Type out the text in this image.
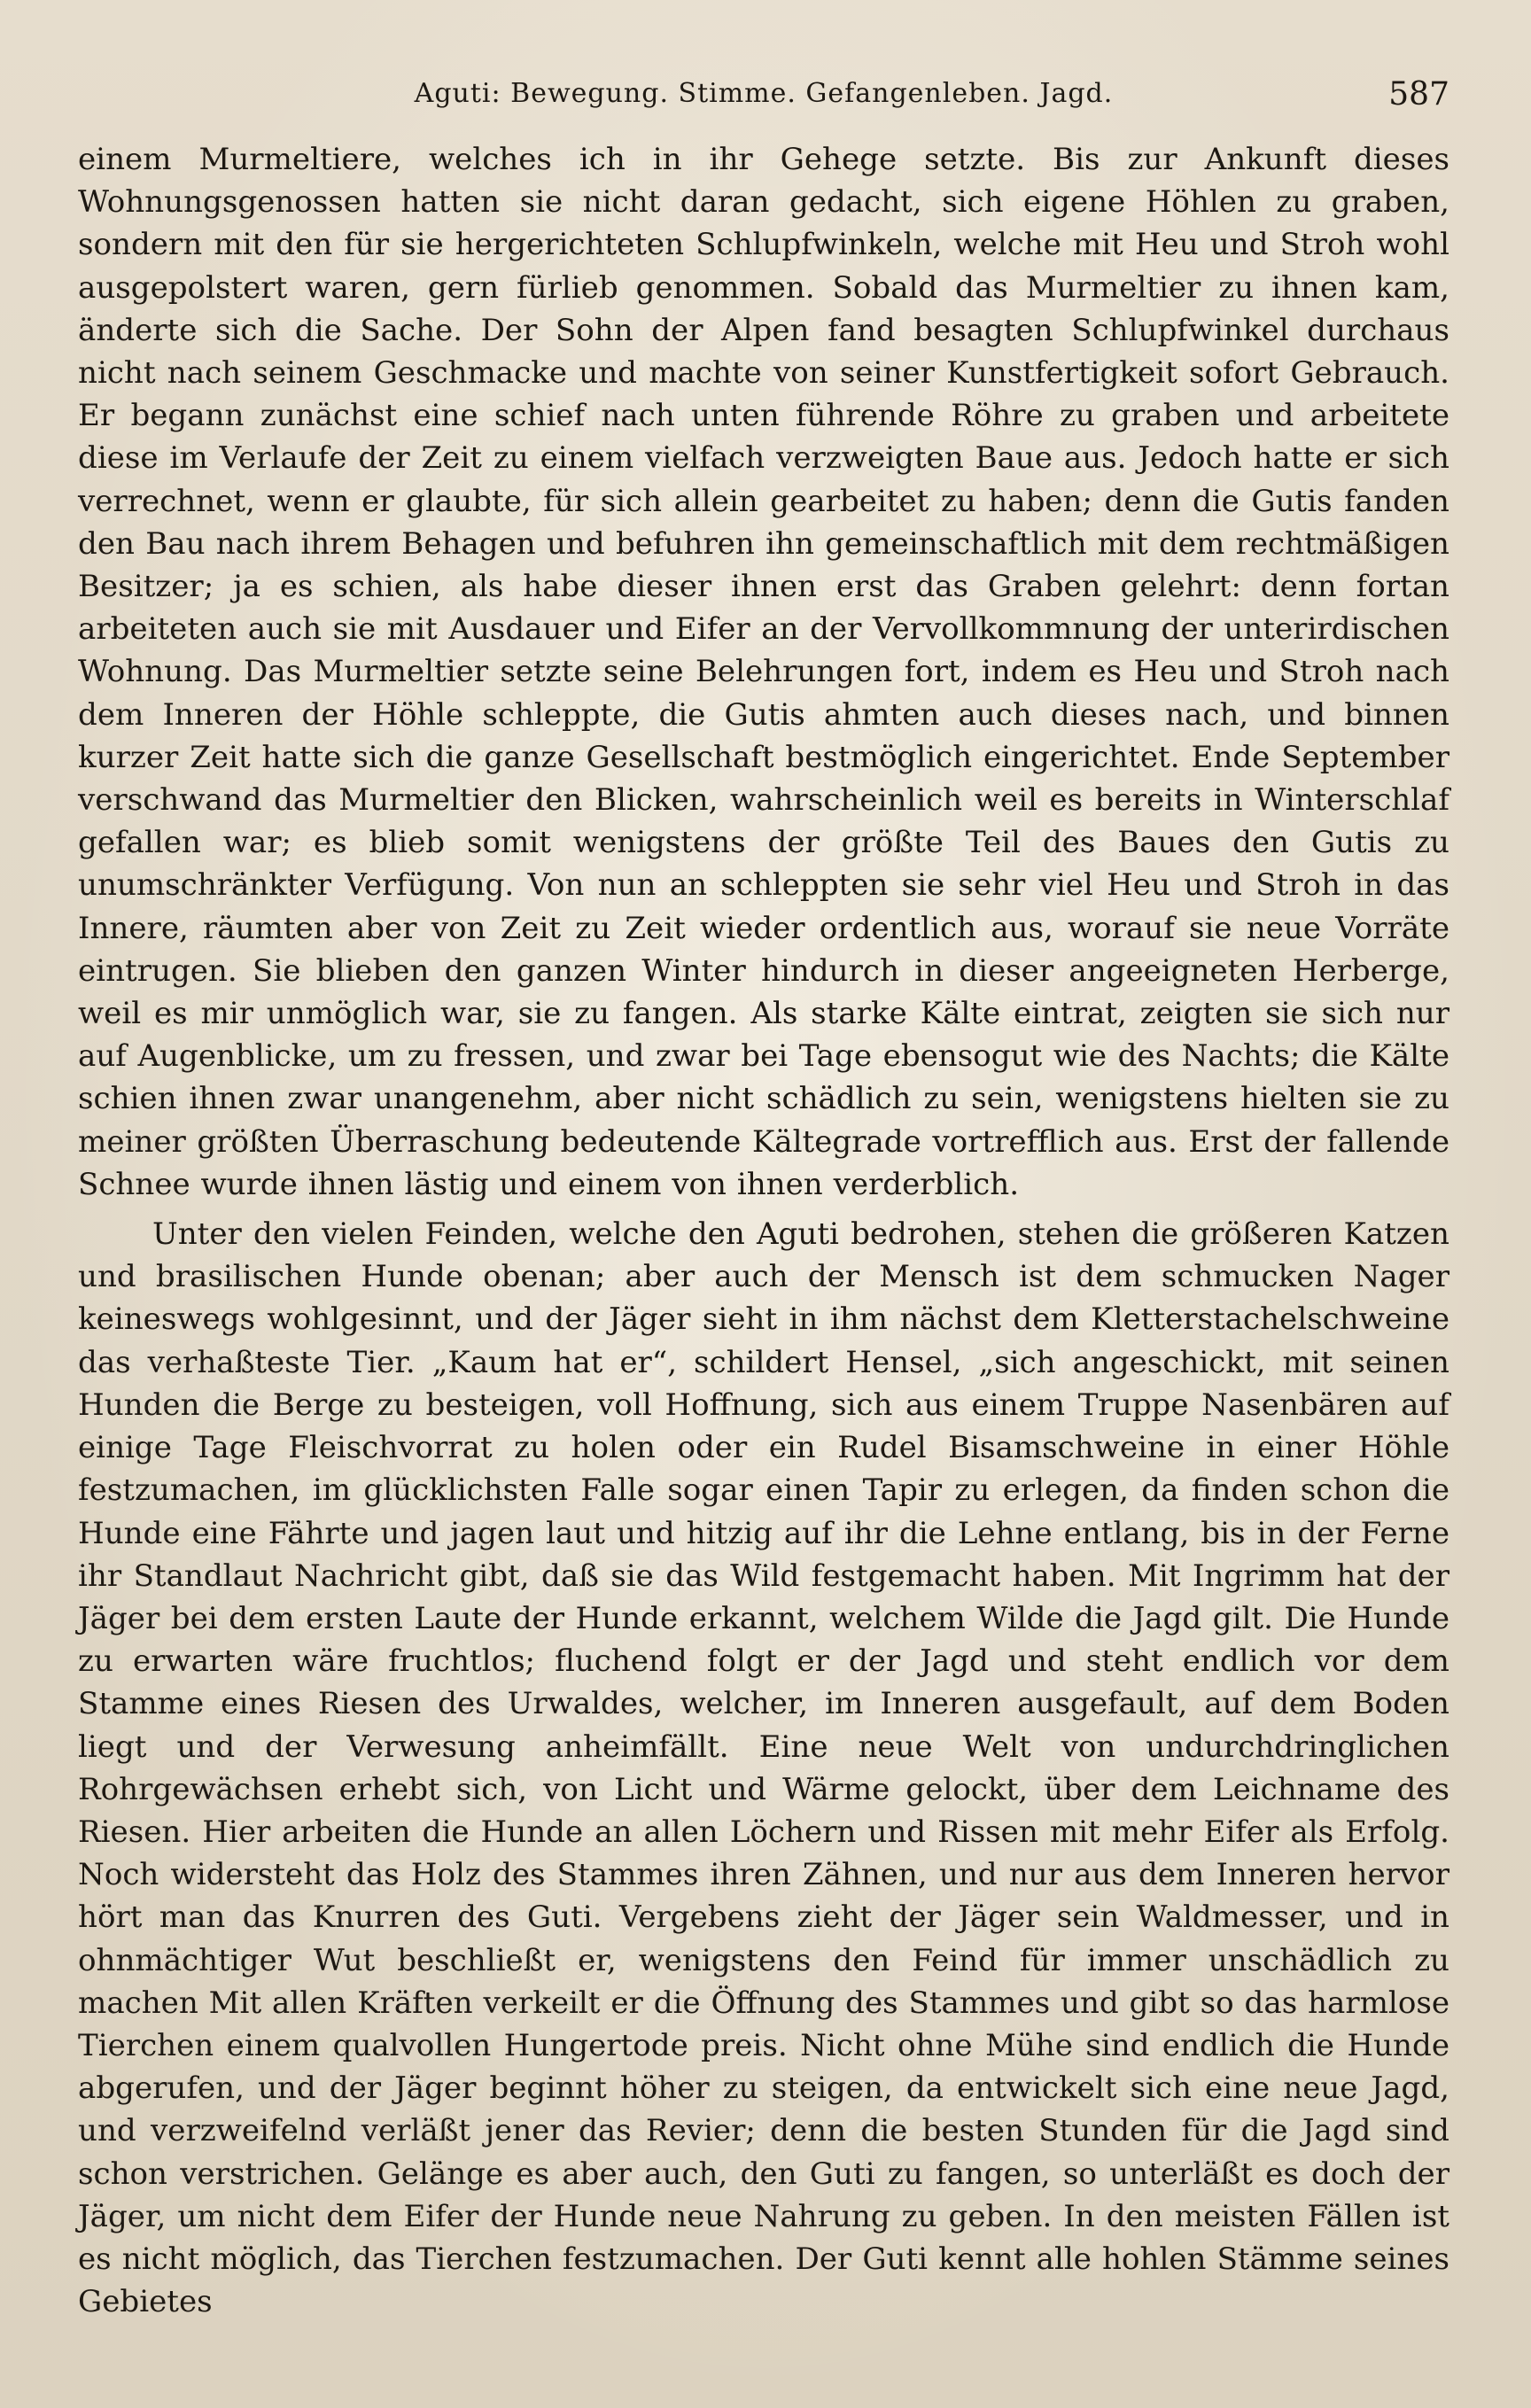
Aguti: Bewegung. Stimme. Gefangenleben. Jagd.	587

einem Murmeltiere, welches ich in ihr Gehege setzte. Bis zur Ankunft dieses Wohnungsgenossen hatten sie nicht daran gedacht, sich eigene Höhlen zu graben, sondern mit den für sie hergerichteten Schlupfwinkeln, welche mit Heu und Stroh wohl ausgepolstert waren, gern fürlieb genommen. Sobald das Murmeltier zu ihnen kam, änderte sich die Sache. Der Sohn der Alpen fand besagten Schlupfwinkel durchaus nicht nach seinem Geschmacke und machte von seiner Kunstfertigkeit sofort Gebrauch. Er begann zunächst eine schief nach unten führende Röhre zu graben und arbeitete diese im Verlaufe der Zeit zu einem vielfach verzweigten Baue aus. Jedoch hatte er sich verrechnet, wenn er glaubte, für sich allein gearbeitet zu haben; denn die Gutis fanden den Bau nach ihrem Behagen und befuhren ihn gemeinschaftlich mit dem rechtmäßigen Besitzer; ja es schien, als habe dieser ihnen erst das Graben gelehrt: denn fortan arbeiteten auch sie mit Ausdauer und Eifer an der Vervollkommnung der unterirdischen Wohnung. Das Murmeltier setzte seine Belehrungen fort, indem es Heu und Stroh nach dem Inneren der Höhle schleppte, die Gutis ahmten auch dieses nach, und binnen kurzer Zeit hatte sich die ganze Gesellschaft bestmöglich eingerichtet. Ende September verschwand das Murmeltier den Blicken, wahrscheinlich weil es bereits in Winterschlaf gefallen war; es blieb somit wenigstens der größte Teil des Baues den Gutis zu unumschränkter Verfügung. Von nun an schleppten sie sehr viel Heu und Stroh in das Innere, räumten aber von Zeit zu Zeit wieder ordentlich aus, worauf sie neue Vorräte eintrugen. Sie blieben den ganzen Winter hindurch in dieser angeeigneten Herberge, weil es mir unmöglich war, sie zu fangen. Als starke Kälte eintrat, zeigten sie sich nur auf Augenblicke, um zu fressen, und zwar bei Tage ebensogut wie des Nachts; die Kälte schien ihnen zwar unangenehm, aber nicht schädlich zu sein, wenigstens hielten sie zu meiner größten Überraschung bedeutende Kältegrade vortrefflich aus. Erst der fallende Schnee wurde ihnen lästig und einem von ihnen verderblich.

Unter den vielen Feinden, welche den Aguti bedrohen, stehen die größeren Katzen und brasilischen Hunde obenan; aber auch der Mensch ist dem schmucken Nager keineswegs wohlgesinnt, und der Jäger sieht in ihm nächst dem Kletterstachelschweine das verhaßteste Tier. „Kaum hat er“, schildert Hensel, „sich angeschickt, mit seinen Hunden die Berge zu besteigen, voll Hoffnung, sich aus einem Truppe Nasenbären auf einige Tage Fleischvorrat zu holen oder ein Rudel Bisamschweine in einer Höhle festzumachen, im glücklichsten Falle sogar einen Tapir zu erlegen, da finden schon die Hunde eine Fährte und jagen laut und hitzig auf ihr die Lehne entlang, bis in der Ferne ihr Standlaut Nachricht gibt, daß sie das Wild festgemacht haben. Mit Ingrimm hat der Jäger bei dem ersten Laute der Hunde erkannt, welchem Wilde die Jagd gilt. Die Hunde zu erwarten wäre fruchtlos; fluchend folgt er der Jagd und steht endlich vor dem Stamme eines Riesen des Urwaldes, welcher, im Inneren ausgefault, auf dem Boden liegt und der Verwesung anheimfällt. Eine neue Welt von undurchdringlichen Rohrgewächsen erhebt sich, von Licht und Wärme gelockt, über dem Leichname des Riesen. Hier arbeiten die Hunde an allen Löchern und Rissen mit mehr Eifer als Erfolg. Noch widersteht das Holz des Stammes ihren Zähnen, und nur aus dem Inneren hervor hört man das Knurren des Guti. Vergebens zieht der Jäger sein Waldmesser, und in ohnmächtiger Wut beschließt er, wenigstens den Feind für immer unschädlich zu machen Mit allen Kräften verkeilt er die Öffnung des Stammes und gibt so das harmlose Tierchen einem qualvollen Hungertode preis. Nicht ohne Mühe sind endlich die Hunde abgerufen, und der Jäger beginnt höher zu steigen, da entwickelt sich eine neue Jagd, und verzweifelnd verläßt jener das Revier; denn die besten Stunden für die Jagd sind schon verstrichen. Gelänge es aber auch, den Guti zu fangen, so unterläßt es doch der Jäger, um nicht dem Eifer der Hunde neue Nahrung zu geben. In den meisten Fällen ist es nicht möglich, das Tierchen festzumachen. Der Guti kennt alle hohlen Stämme seines Gebietes
